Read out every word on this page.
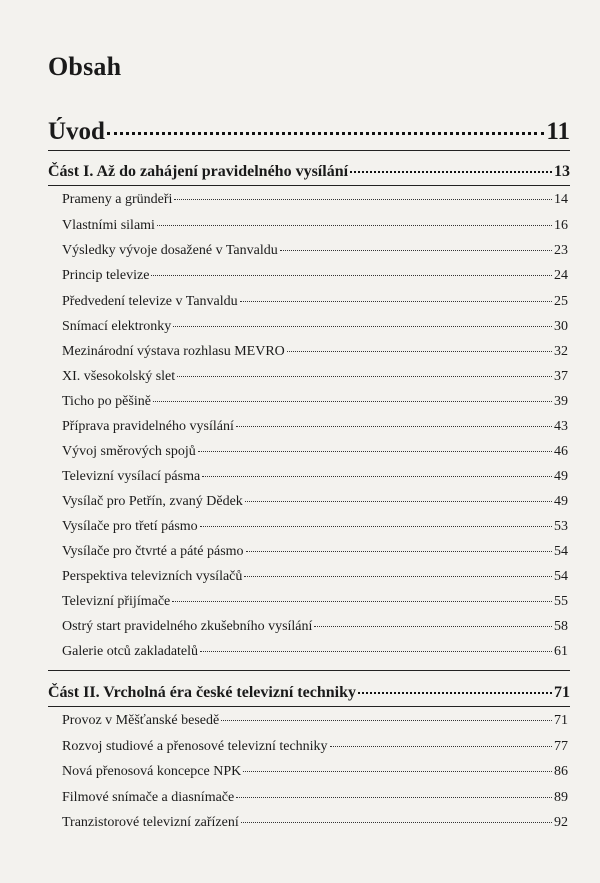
Obsah
Úvod	11
Část I. Až do zahájení pravidelného vysílání	13
Prameny a gründeři	14
Vlastními silami	16
Výsledky vývoje dosažené v Tanvaldu	23
Princip televize	24
Předvedení televize v Tanvaldu	25
Snímací elektronky	30
Mezinárodní výstava rozhlasu MEVRO	32
XI. všesokolský slet	37
Ticho po pěšině	39
Příprava pravidelného vysílání	43
Vývoj směrových spojů	46
Televizní vysílací pásma	49
Vysílač pro Petřín, zvaný Dědek	49
Vysílače pro třetí pásmo	53
Vysílače pro čtvrté a páté pásmo	54
Perspektiva televizních vysílačů	54
Televizní přijímače	55
Ostrý start pravidelného zkušebního vysílání	58
Galerie otců zakladatelů	61
Část II. Vrcholná éra české televizní techniky	71
Provoz v Měšťanské besedě	71
Rozvoj studiové a přenosové televizní techniky	77
Nová přenosová koncepce NPK	86
Filmové snímače a diasnímače	89
Tranzistorové televizní zařízení	92
